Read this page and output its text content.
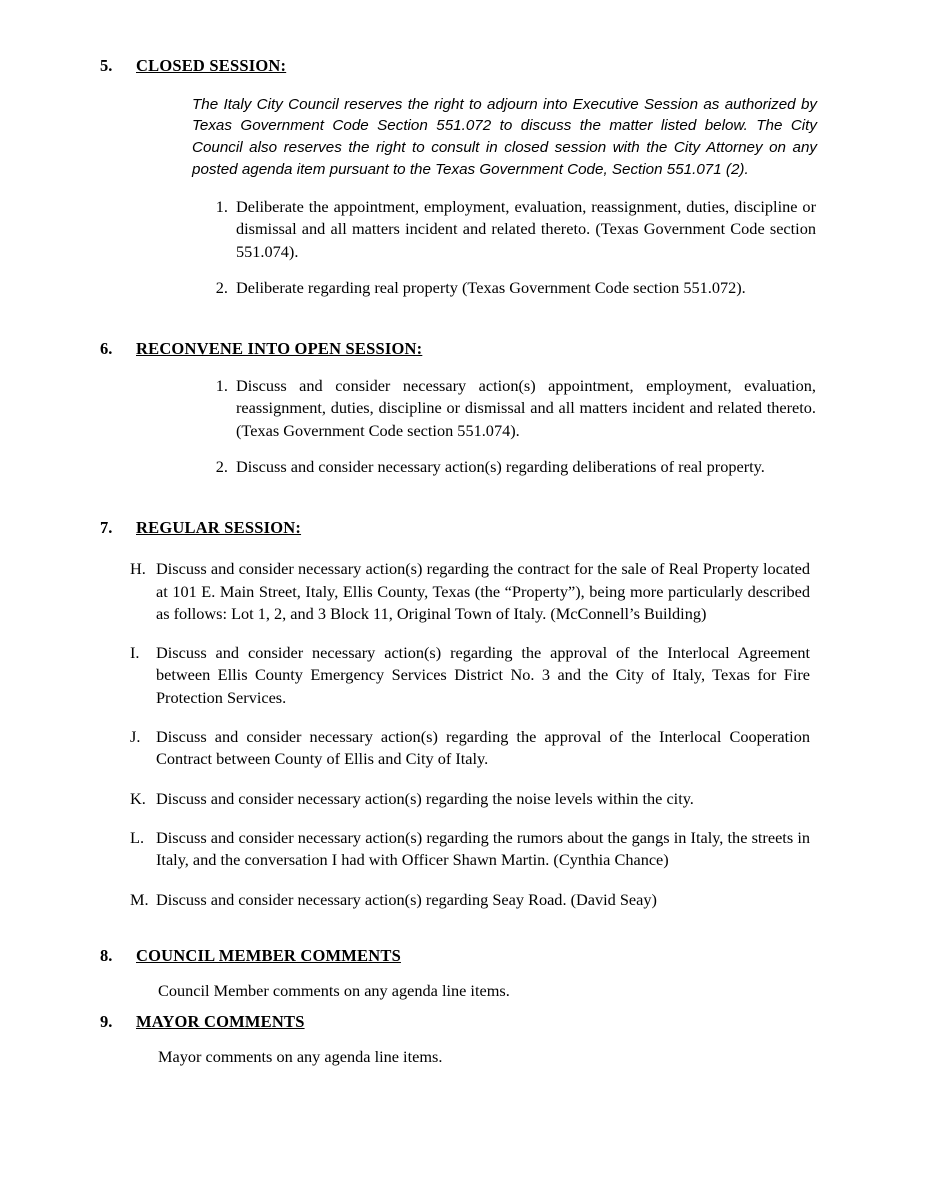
5. CLOSED SESSION:

The Italy City Council reserves the right to adjourn into Executive Session as authorized by Texas Government Code Section 551.072 to discuss the matter listed below. The City Council also reserves the right to consult in closed session with the City Attorney on any posted agenda item pursuant to the Texas Government Code, Section 551.071 (2).

1. Deliberate the appointment, employment, evaluation, reassignment, duties, discipline or dismissal and all matters incident and related thereto. (Texas Government Code section 551.074).
2. Deliberate regarding real property (Texas Government Code section 551.072).
6. RECONVENE INTO OPEN SESSION:
1. Discuss and consider necessary action(s) appointment, employment, evaluation, reassignment, duties, discipline or dismissal and all matters incident and related thereto. (Texas Government Code section 551.074).
2. Discuss and consider necessary action(s) regarding deliberations of real property.
7. REGULAR SESSION:
H. Discuss and consider necessary action(s) regarding the contract for the sale of Real Property located at 101 E. Main Street, Italy, Ellis County, Texas (the “Property”), being more particularly described as follows: Lot 1, 2, and 3 Block 11, Original Town of Italy. (McConnell’s Building)
I.	Discuss and consider necessary action(s) regarding the approval of the Interlocal Agreement between Ellis County Emergency Services District No. 3 and the City of Italy, Texas for Fire Protection Services.
J. Discuss and consider necessary action(s) regarding the approval of the Interlocal Cooperation Contract between County of Ellis and City of Italy.
K. Discuss and consider necessary action(s) regarding the noise levels within the city.
L. Discuss and consider necessary action(s) regarding the rumors about the gangs in Italy, the streets in Italy, and the conversation I had with Officer Shawn Martin. (Cynthia Chance)
M. Discuss and consider necessary action(s) regarding Seay Road. (David Seay)
8. COUNCIL MEMBER COMMENTS

Council Member comments on any agenda line items.

9. MAYOR COMMENTS

Mayor comments on any agenda line items.
